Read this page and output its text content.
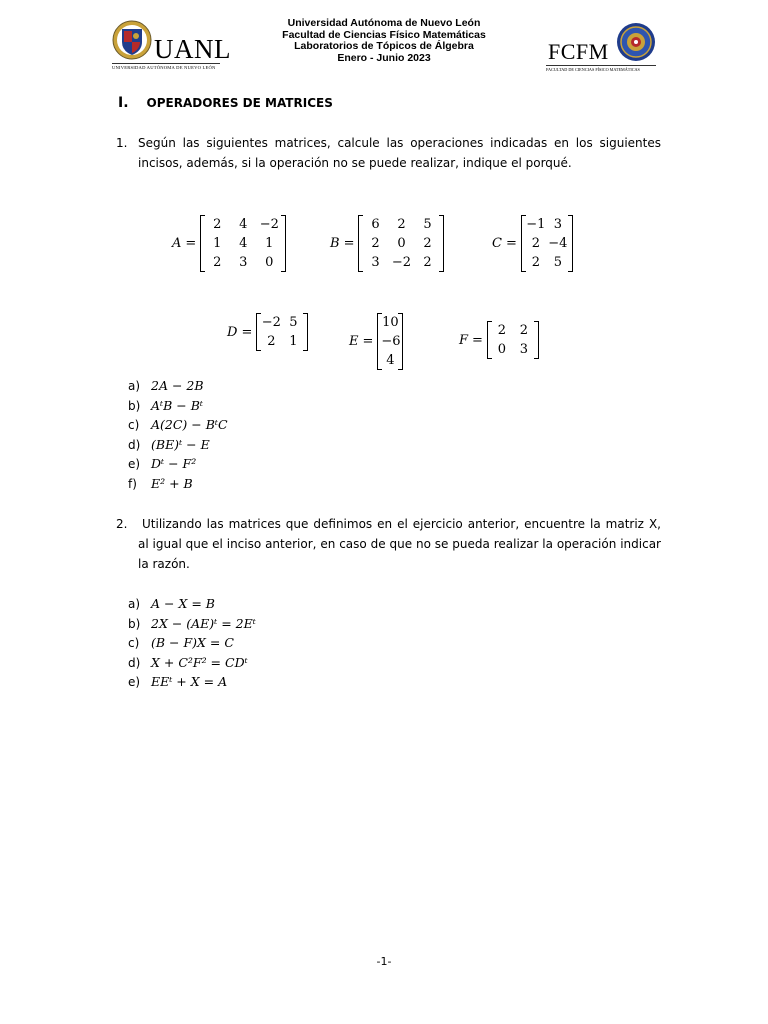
UANL
UNIVERSIDAD AUTÓNOMA DE NUEVO LEÓN
Universidad Autónoma de Nuevo León
Facultad de Ciencias Físico Matemáticas
Laboratorios de Tópicos de Álgebra
Enero - Junio 2023	FCFM
FACULTAD DE CIENCIAS FÍSICO MATEMÁTICAS
I. OPERADORES DE MATRICES
1. Según las siguientes matrices, calcule las operaciones indicadas en los siguientes incisos, además, si la operación no se puede realizar, indique el porqué.
A =
2	4 −2
1	4	1
2	3	0
B =
6	2	5
2	0	2
3 −2 2
C =
−1 3
2 −4
2	5
D =
−2 5
2	1	E =
10
−6
4
F =
2	2
0	3
a) 2A − 2B
b) AᵗB − Bᵗ
c) A(2C) − BᵗC
d) (BE)ᵗ − E
e) Dᵗ − F²
f) E² + B
2.	Utilizando las matrices que definimos en el ejercicio anterior, encuentre la matriz X, al igual que el inciso anterior, en caso de que no se pueda realizar la operación indicar la razón.
a) A − X = B
b) 2X − (AE)ᵗ = 2Eᵗ
c) (B − F)X = C
d) X + C²F² = CDᵗ
e) EEᵗ + X = A
-1-
